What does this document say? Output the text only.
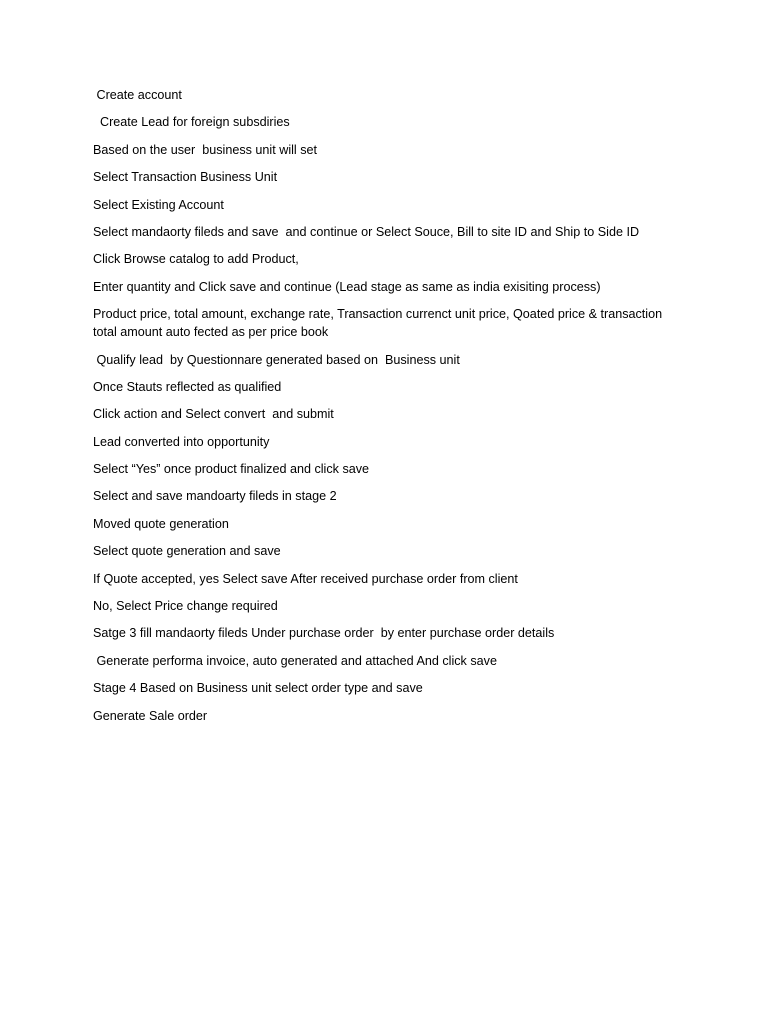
Create account

Create Lead for foreign subsdiries

Based on the user  business unit will set

Select Transaction Business Unit

Select Existing Account

Select mandaorty fileds and save  and continue or Select Souce, Bill to site ID and Ship to Side ID

Click Browse catalog to add Product,

Enter quantity and Click save and continue (Lead stage as same as india exisiting process)

Product price, total amount, exchange rate, Transaction currenct unit price, Qoated price & transaction total amount auto fected as per price book

Qualify lead  by Questionnare generated based on  Business unit

Once Stauts reflected as qualified

Click action and Select convert  and submit

Lead converted into opportunity

Select “Yes” once product finalized and click save

Select and save mandoarty fileds in stage 2

Moved quote generation

Select quote generation and save

If Quote accepted, yes Select save After received purchase order from client

No, Select Price change required

Satge 3 fill mandaorty fileds Under purchase order  by enter purchase order details

Generate performa invoice, auto generated and attached And click save

Stage 4 Based on Business unit select order type and save

Generate Sale order
